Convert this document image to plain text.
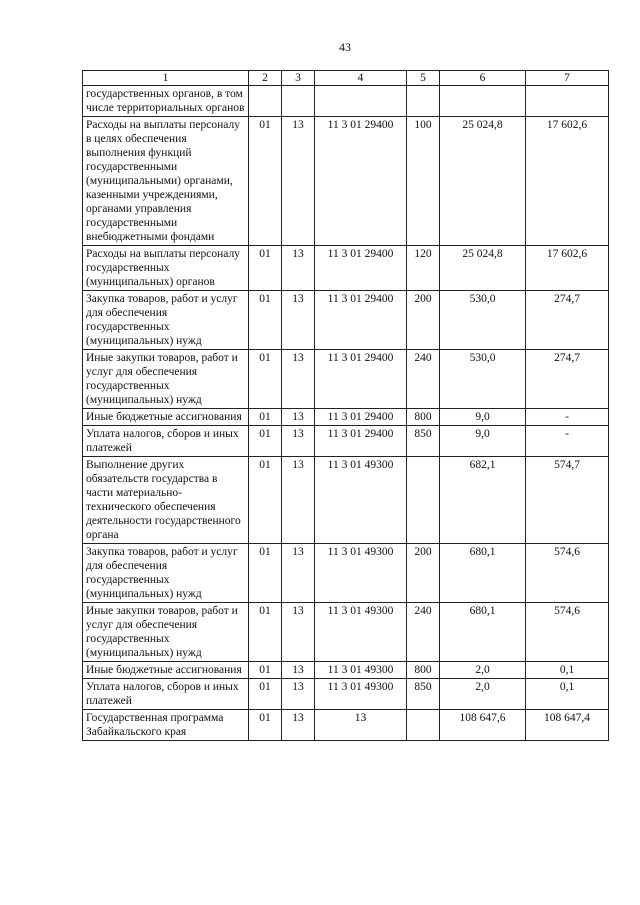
43
1	2	3	4	5	6	7
государственных органов, в том числе территориальных органов						
Расходы на выплаты персоналу в целях обеспечения выполнения функций государственными (муниципальными) органами, казенными учреждениями, органами управления государственными внебюджетными фондами	01	13	11 3 01 29400	100	25 024,8	17 602,6
Расходы на выплаты персоналу государственных (муниципальных) органов	01	13	11 3 01 29400	120	25 024,8	17 602,6
Закупка товаров, работ и услуг для обеспечения государственных (муниципальных) нужд	01	13	11 3 01 29400	200	530,0	274,7
Иные закупки товаров, работ и услуг для обеспечения государственных (муниципальных) нужд	01	13	11 3 01 29400	240	530,0	274,7
Иные бюджетные ассигнования	01	13	11 3 01 29400	800	9,0	-
Уплата налогов, сборов и иных платежей	01	13	11 3 01 29400	850	9,0	-
Выполнение других обязательств государства в части материально-технического обеспечения деятельности государственного органа	01	13	11 3 01 49300		682,1	574,7
Закупка товаров, работ и услуг для обеспечения государственных (муниципальных) нужд	01	13	11 3 01 49300	200	680,1	574,6
Иные закупки товаров, работ и услуг для обеспечения государственных (муниципальных) нужд	01	13	11 3 01 49300	240	680,1	574,6
Иные бюджетные ассигнования	01	13	11 3 01 49300	800	2,0	0,1
Уплата налогов, сборов и иных платежей	01	13	11 3 01 49300	850	2,0	0,1
Государственная программа Забайкальского края	01	13	13		108 647,6	108 647,4
